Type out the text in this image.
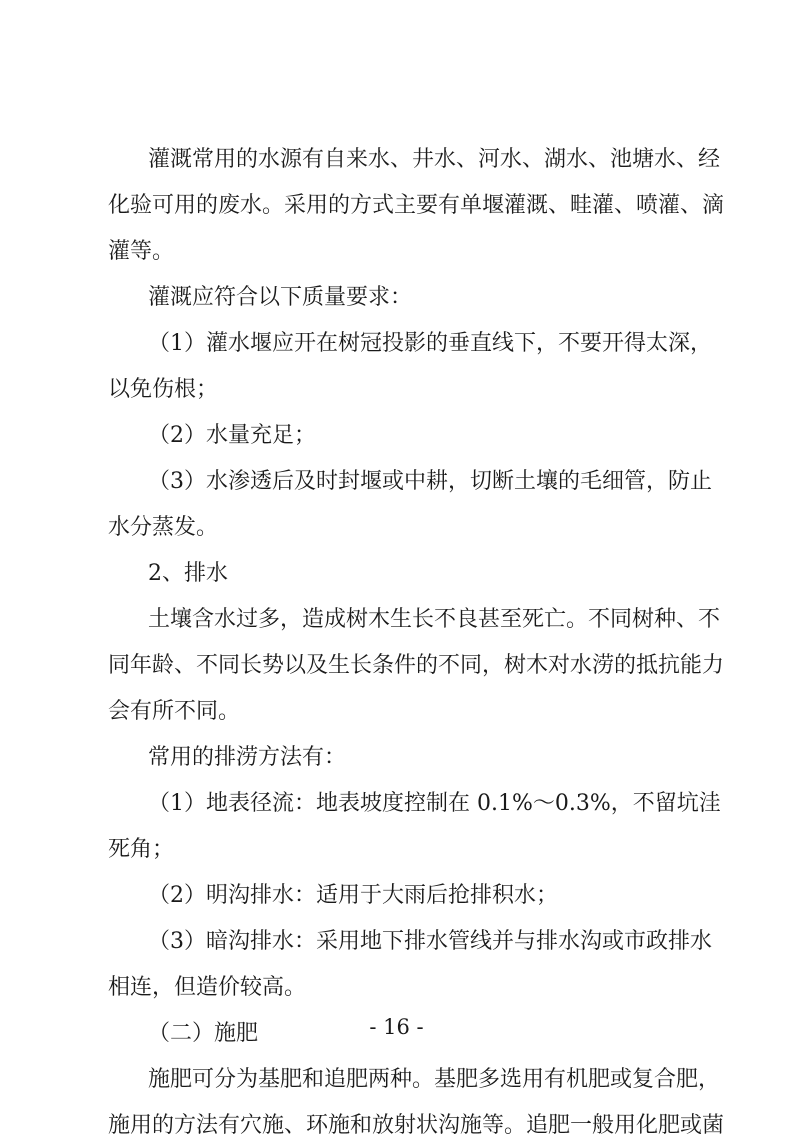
灌溉常用的水源有自来水、井水、河水、湖水、池塘水、经
化验可用的废水。采用的方式主要有单堰灌溉、畦灌、喷灌、滴
灌等。
灌溉应符合以下质量要求：
（1）灌水堰应开在树冠投影的垂直线下，不要开得太深，
以免伤根；
（2）水量充足；
（3）水渗透后及时封堰或中耕，切断土壤的毛细管，防止
水分蒸发。
2、排水
土壤含水过多，造成树木生长不良甚至死亡。不同树种、不
同年龄、不同长势以及生长条件的不同，树木对水涝的抵抗能力
会有所不同。
常用的排涝方法有：
（1）地表径流：地表坡度控制在 0.1%～0.3%，不留坑洼
死角；
（2）明沟排水：适用于大雨后抢排积水；
（3）暗沟排水：采用地下排水管线并与排水沟或市政排水
相连，但造价较高。
（二）施肥
施肥可分为基肥和追肥两种。基肥多选用有机肥或复合肥，
施用的方法有穴施、环施和放射状沟施等。追肥一般用化肥或菌
- 16 -
